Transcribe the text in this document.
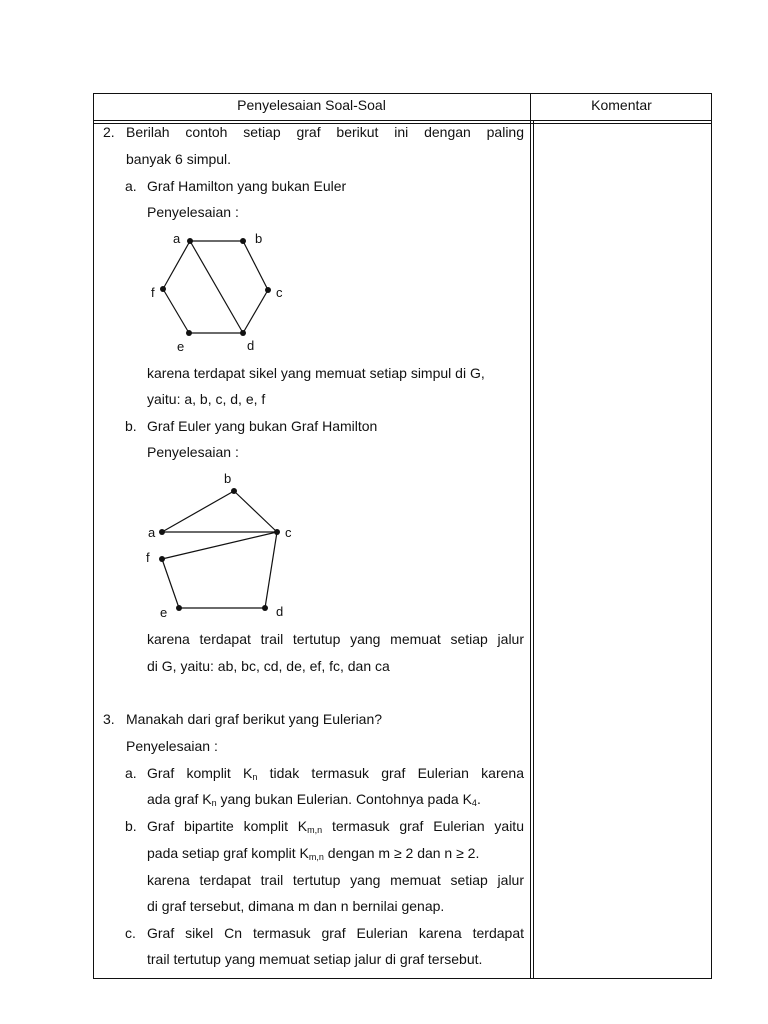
Penyelesaian Soal-Soal	Komentar
2. Berilah contoh setiap graf berikut ini dengan paling
banyak 6 simpul.
a. Graf Hamilton yang bukan Euler
Penyelesaian :
a	b
c
d
e
f
karena terdapat sikel yang memuat setiap simpul di G,
yaitu: a, b, c, d, e, f
b. Graf Euler yang bukan Graf Hamilton
Penyelesaian :
a
b
c
d
e
f
karena terdapat trail tertutup yang memuat setiap jalur
di G, yaitu: ab, bc, cd, de, ef, fc, dan ca
3. Manakah dari graf berikut yang Eulerian?
Penyelesaian :
a. Graf komplit $K_n$ tidak termasuk graf Eulerian karena
ada graf $K_n$ yang bukan Eulerian. Contohnya pada $K_4$.
b. Graf bipartite komplit $K_{m,n}$ termasuk graf Eulerian yaitu
pada setiap graf komplit $K_{m,n}$ dengan m ≥ 2 dan n ≥ 2.
karena terdapat trail tertutup yang memuat setiap jalur
di graf tersebut, dimana m dan n bernilai genap.
c. Graf sikel Cn termasuk graf Eulerian karena terdapat
trail tertutup yang memuat setiap jalur di graf tersebut.
